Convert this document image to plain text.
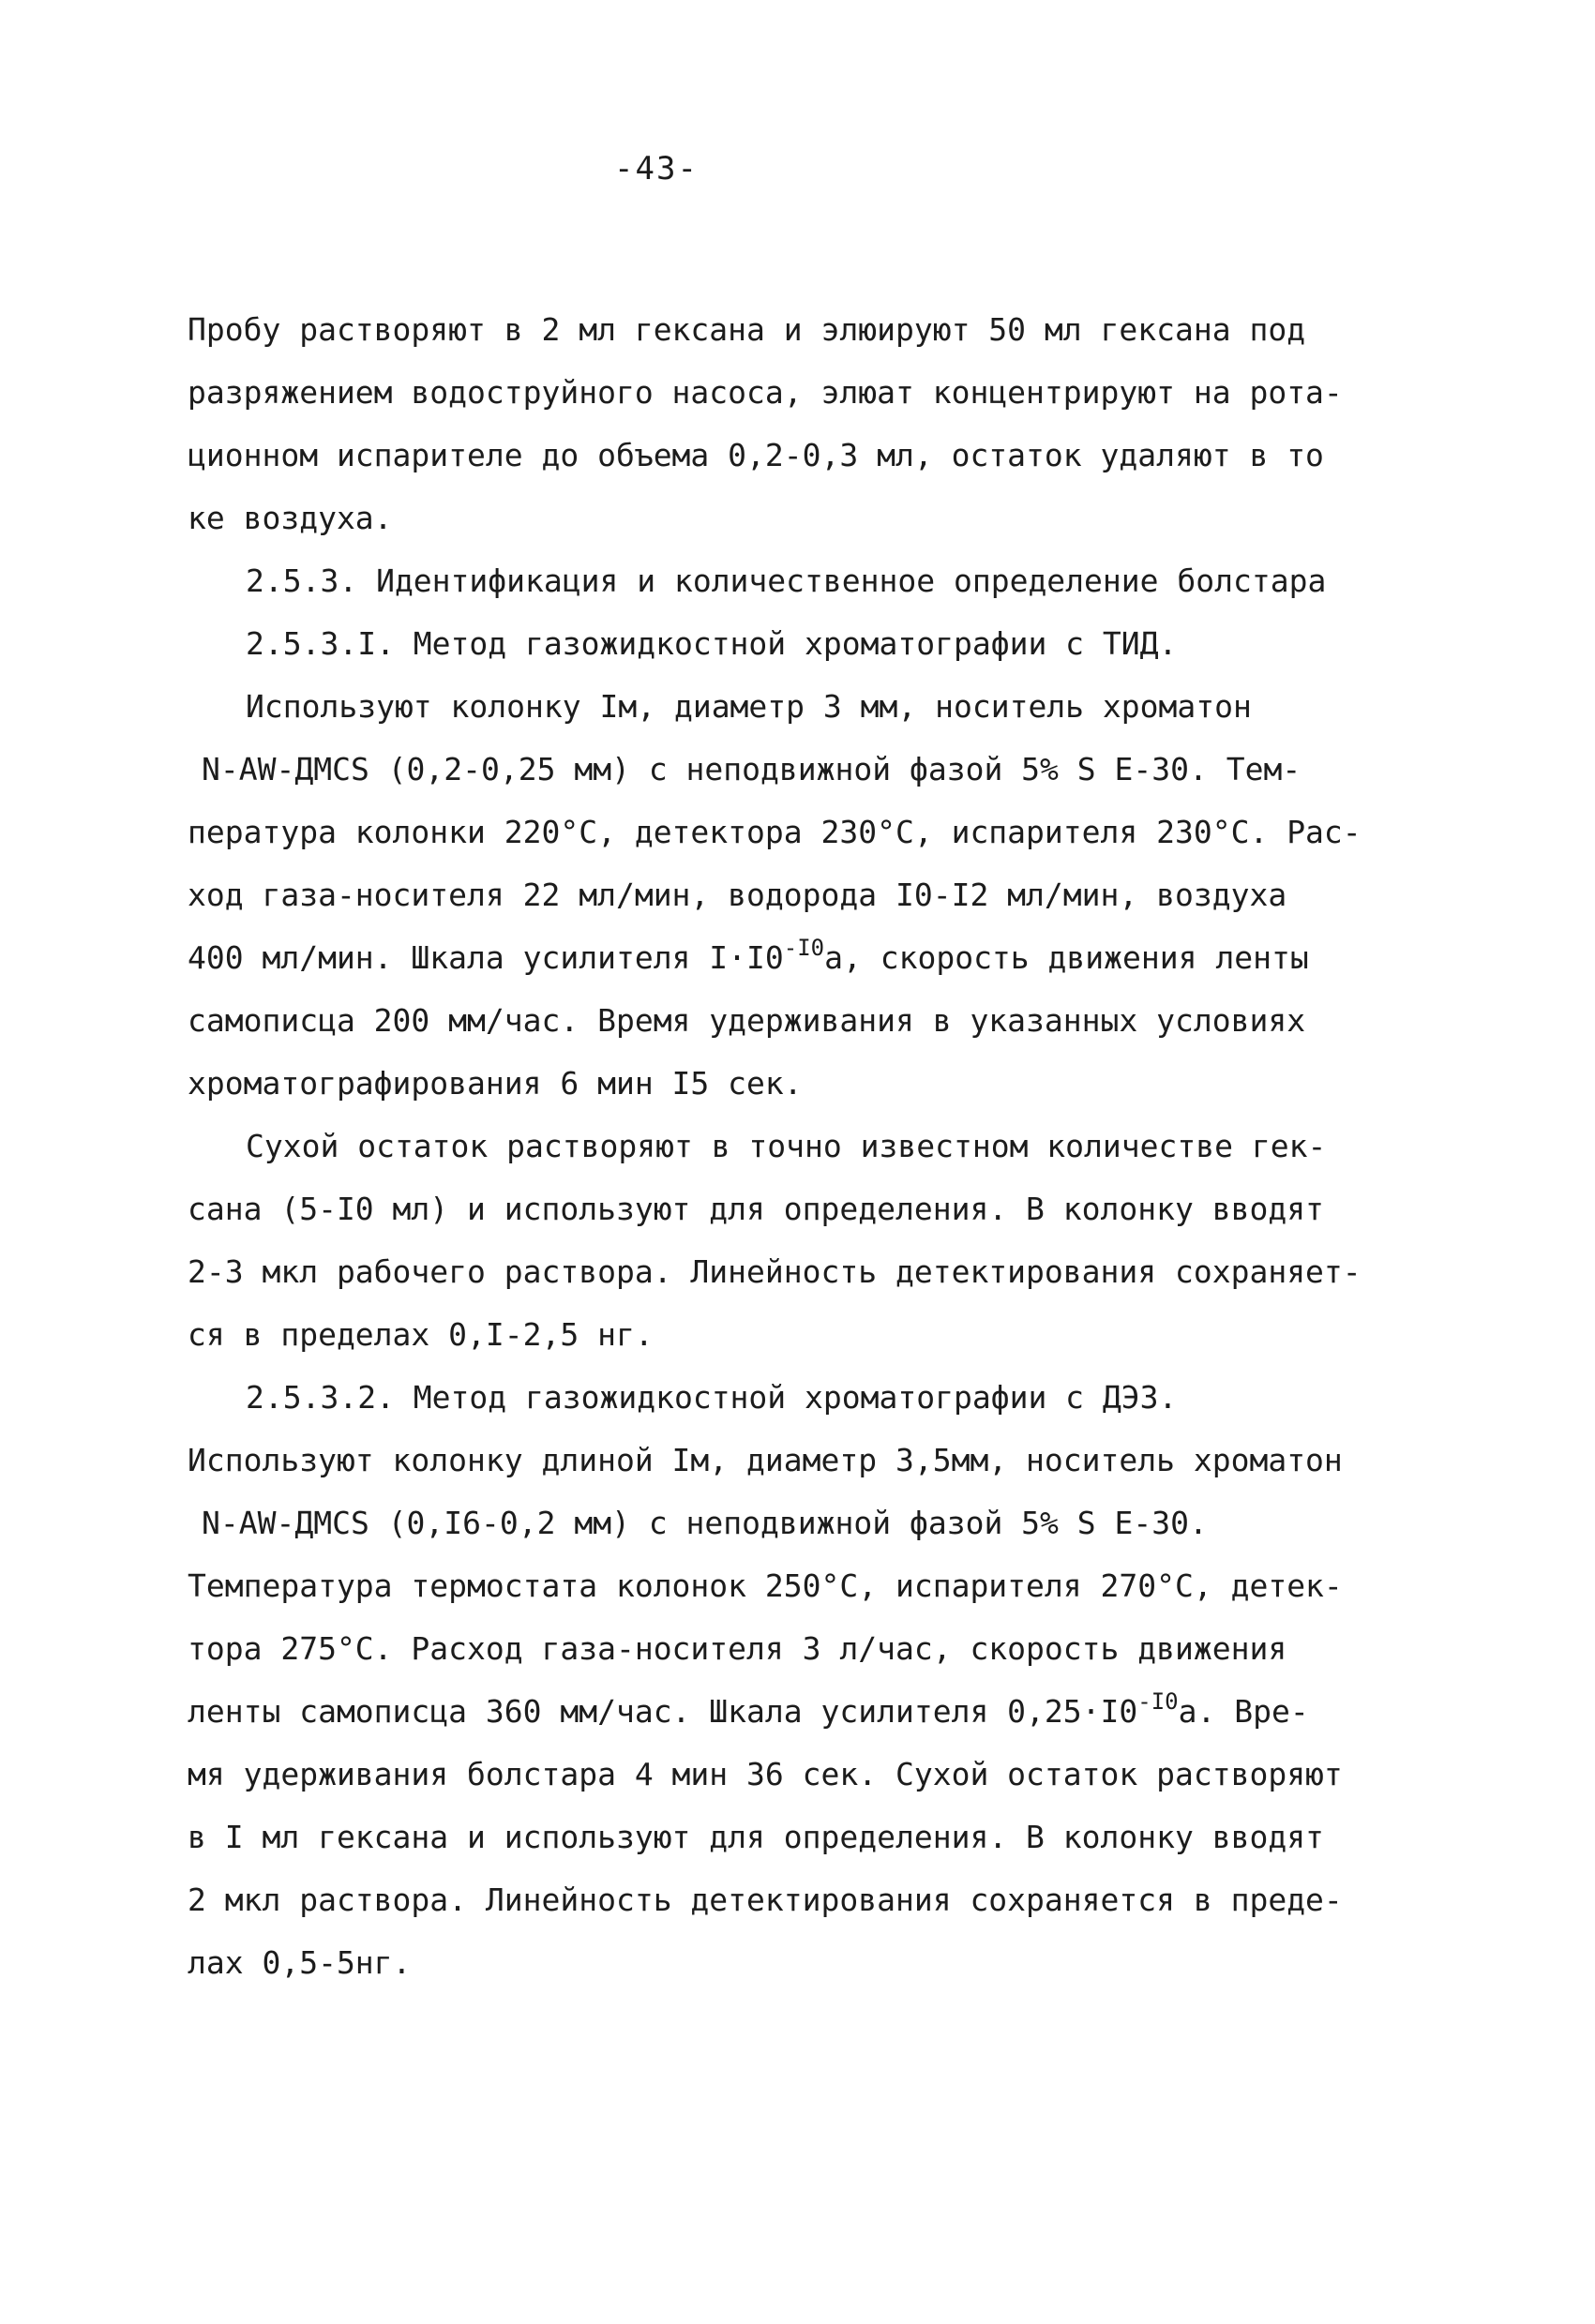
-43-
Пробу растворяют в 2 мл гексана и элюируют 50 мл гексана под
разряжением водоструйного насоса, элюат концентрируют на рота-
ционном испарителе до объема 0,2-0,3 мл, остаток удаляют в то
ке воздуха.
2.5.3. Идентификация и количественное определение болстара
2.5.3.I. Метод газожидкостной хроматографии с ТИД.
Используют колонку Iм, диаметр 3 мм, носитель хроматон
N-AW-ДМСS (0,2-0,25 мм) с неподвижной фазой 5% S E-30. Тем-
пература колонки 220°С, детектора 230°С, испарителя 230°С. Рас-
ход газа-носителя 22 мл/мин, водорода I0-I2 мл/мин, воздуха
400 мл/мин. Шкала усилителя $I\cdot I0^{-I0}а$, скорость движения ленты
самописца 200 мм/час. Время удерживания в указанных условиях
хроматографирования 6 мин I5 сек.
Сухой остаток растворяют в точно известном количестве гек-
сана (5-I0 мл) и используют для определения. В колонку вводят
2-3 мкл рабочего раствора. Линейность детектирования сохраняет-
ся в пределах 0,I-2,5 нг.
2.5.3.2. Метод газожидкостной хроматографии с ДЭЗ.
Используют колонку длиной Iм, диаметр 3,5мм, носитель хроматон
N-AW-ДМСS (0,I6-0,2 мм) с неподвижной фазой 5% S E-30.
Температура термостата колонок 250°С, испарителя 270°С, детек-
тора 275°С. Расход газа-носителя 3 л/час, скорость движения
ленты самописца 360 мм/час. Шкала усилителя $0,25\cdot I0^{-I0}а$. Вре-
мя удерживания болстара 4 мин 36 сек. Сухой остаток растворяют
в I мл гексана и используют для определения. В колонку вводят
2 мкл раствора. Линейность детектирования сохраняется в преде-
лах 0,5-5нг.
